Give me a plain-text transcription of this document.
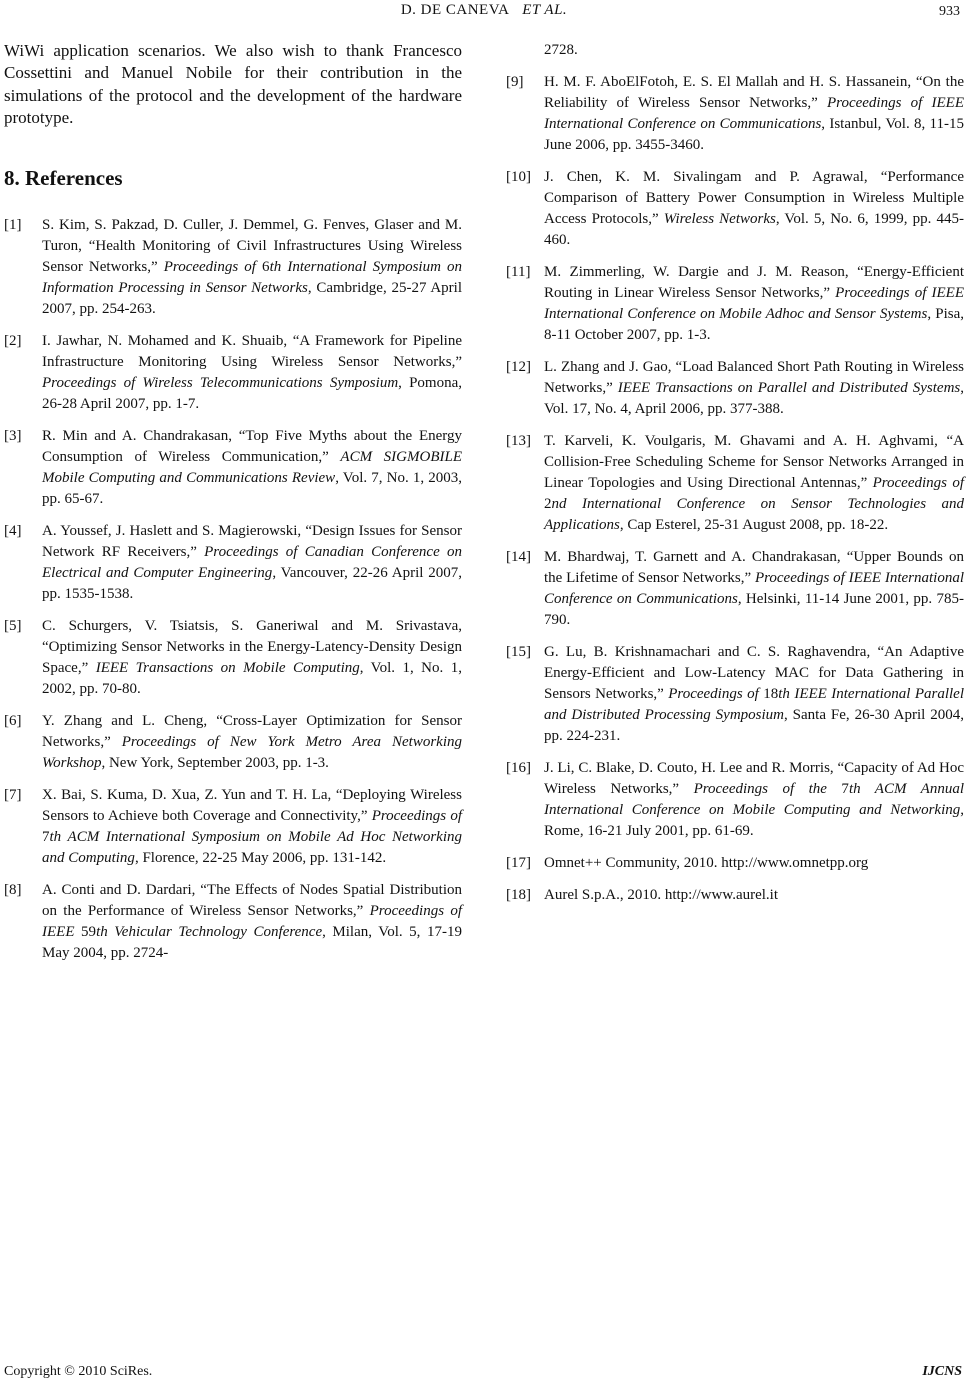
D. DE CANEVA ET AL.	933

WiWi application scenarios. We also wish to thank Francesco Cossettini and Manuel Nobile for their contribution in the simulations of the protocol and the development of the hardware prototype.

8. References
[1] S. Kim, S. Pakzad, D. Culler, J. Demmel, G. Fenves, Glaser and M. Turon, “Health Monitoring of Civil Infrastructures Using Wireless Sensor Networks,” Proceedings of 6th International Symposium on Information Processing in Sensor Networks, Cambridge, 25-27 April 2007, pp. 254-263.
[2] I. Jawhar, N. Mohamed and K. Shuaib, “A Framework for Pipeline Infrastructure Monitoring Using Wireless Sensor Networks,” Proceedings of Wireless Telecommunications Symposium, Pomona, 26-28 April 2007, pp. 1-7.
[3] R. Min and A. Chandrakasan, “Top Five Myths about the Energy Consumption of Wireless Communication,” ACM SIGMOBILE Mobile Computing and Communications Review, Vol. 7, No. 1, 2003, pp. 65-67.
[4] A. Youssef, J. Haslett and S. Magierowski, “Design Issues for Sensor Network RF Receivers,” Proceedings of Canadian Conference on Electrical and Computer Engineering, Vancouver, 22-26 April 2007, pp. 1535-1538.
[5] C. Schurgers, V. Tsiatsis, S. Ganeriwal and M. Srivastava, “Optimizing Sensor Networks in the Energy-Latency-Density Design Space,” IEEE Transactions on Mobile Computing, Vol. 1, No. 1, 2002, pp. 70-80.
[6] Y. Zhang and L. Cheng, “Cross-Layer Optimization for Sensor Networks,” Proceedings of New York Metro Area Networking Workshop, New York, September 2003, pp. 1-3.
[7] X. Bai, S. Kuma, D. Xua, Z. Yun and T. H. La, “Deploying Wireless Sensors to Achieve both Coverage and Connectivity,” Proceedings of 7th ACM International Symposium on Mobile Ad Hoc Networking and Computing, Florence, 22-25 May 2006, pp. 131-142.
[8] A. Conti and D. Dardari, “The Effects of Nodes Spatial Distribution on the Performance of Wireless Sensor Networks,” Proceedings of IEEE 59th Vehicular Technology Conference, Milan, Vol. 5, 17-19 May 2004, pp. 2724-
2728.
[9] H. M. F. AboElFotoh, E. S. El Mallah and H. S. Hassanein, “On the Reliability of Wireless Sensor Networks,” Proceedings of IEEE International Conference on Communications, Istanbul, Vol. 8, 11-15 June 2006, pp. 3455-3460.
[10] J. Chen, K. M. Sivalingam and P. Agrawal, “Performance Comparison of Battery Power Consumption in Wireless Multiple Access Protocols,” Wireless Networks, Vol. 5, No. 6, 1999, pp. 445-460.
[11] M. Zimmerling, W. Dargie and J. M. Reason, “Energy-Efficient Routing in Linear Wireless Sensor Networks,” Proceedings of IEEE International Conference on Mobile Adhoc and Sensor Systems, Pisa, 8-11 October 2007, pp. 1-3.
[12] L. Zhang and J. Gao, “Load Balanced Short Path Routing in Wireless Networks,” IEEE Transactions on Parallel and Distributed Systems, Vol. 17, No. 4, April 2006, pp. 377-388.
[13] T. Karveli, K. Voulgaris, M. Ghavami and A. H. Aghvami, “A Collision-Free Scheduling Scheme for Sensor Networks Arranged in Linear Topologies and Using Directional Antennas,” Proceedings of 2nd International Conference on Sensor Technologies and Applications, Cap Esterel, 25-31 August 2008, pp. 18-22.
[14] M. Bhardwaj, T. Garnett and A. Chandrakasan, “Upper Bounds on the Lifetime of Sensor Networks,” Proceedings of IEEE International Conference on Communications, Helsinki, 11-14 June 2001, pp. 785-790.
[15] G. Lu, B. Krishnamachari and C. S. Raghavendra, “An Adaptive Energy-Efficient and Low-Latency MAC for Data Gathering in Sensors Networks,” Proceedings of 18th IEEE International Parallel and Distributed Processing Symposium, Santa Fe, 26-30 April 2004, pp. 224-231.
[16] J. Li, C. Blake, D. Couto, H. Lee and R. Morris, “Capacity of Ad Hoc Wireless Networks,” Proceedings of the 7th ACM Annual International Conference on Mobile Computing and Networking, Rome, 16-21 July 2001, pp. 61-69.
[17] Omnet++ Community, 2010. http://www.omnetpp.org
[18] Aurel S.p.A., 2010. http://www.aurel.it
Copyright © 2010 SciRes.	IJCNS
